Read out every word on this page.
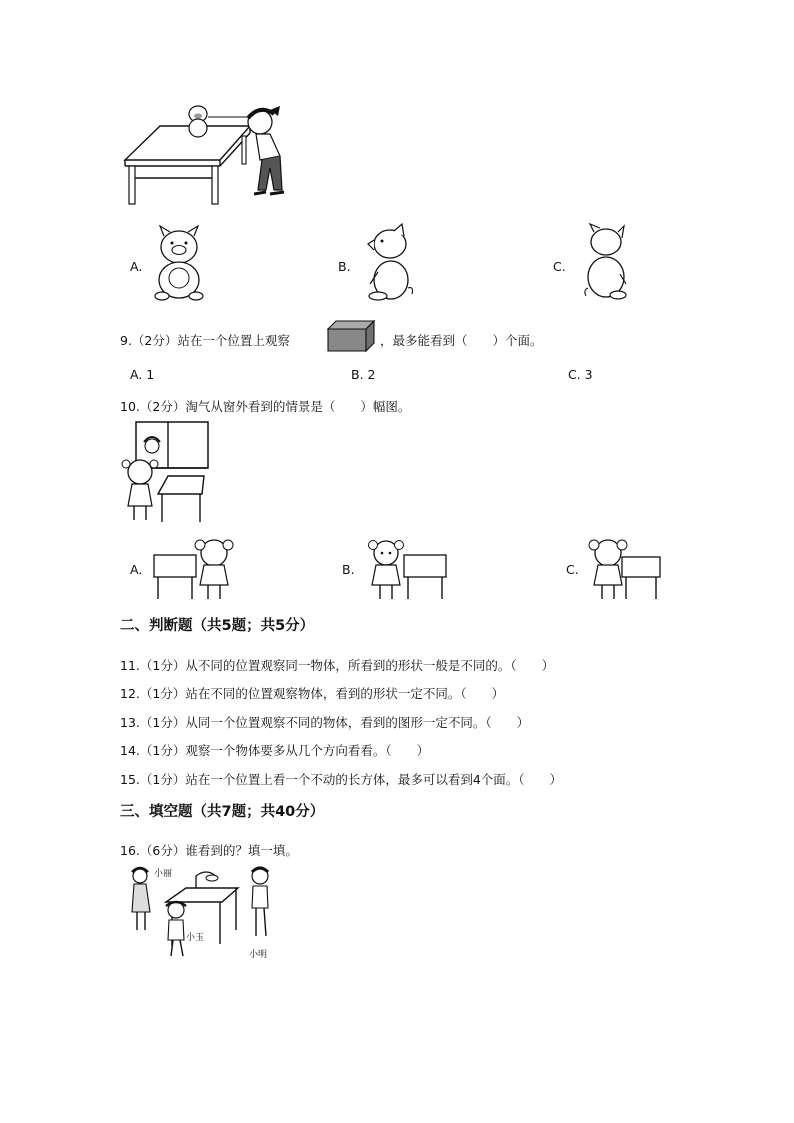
A.	B.	C.
9.（2分）站在一个位置上观察	，最多能看到（　　）个面。
A. 1	B. 2	C. 3
10.（2分）淘气从窗外看到的情景是（　　）幅图。
A.	B.	C.
二、判断题（共5题；共5分）
11.（1分）从不同的位置观察同一物体，所看到的形状一般是不同的。（　　）
12.（1分）站在不同的位置观察物体，看到的形状一定不同。（　　）
13.（1分）从同一个位置观察不同的物体，看到的图形一定不同。（　　）
14.（1分）观察一个物体要多从几个方向看看。（　　）
15.（1分）站在一个位置上看一个不动的长方体，最多可以看到4个面。（　　）
三、填空题（共7题；共40分）
16.（6分）谁看到的？填一填。
小丽
小玉
小明
